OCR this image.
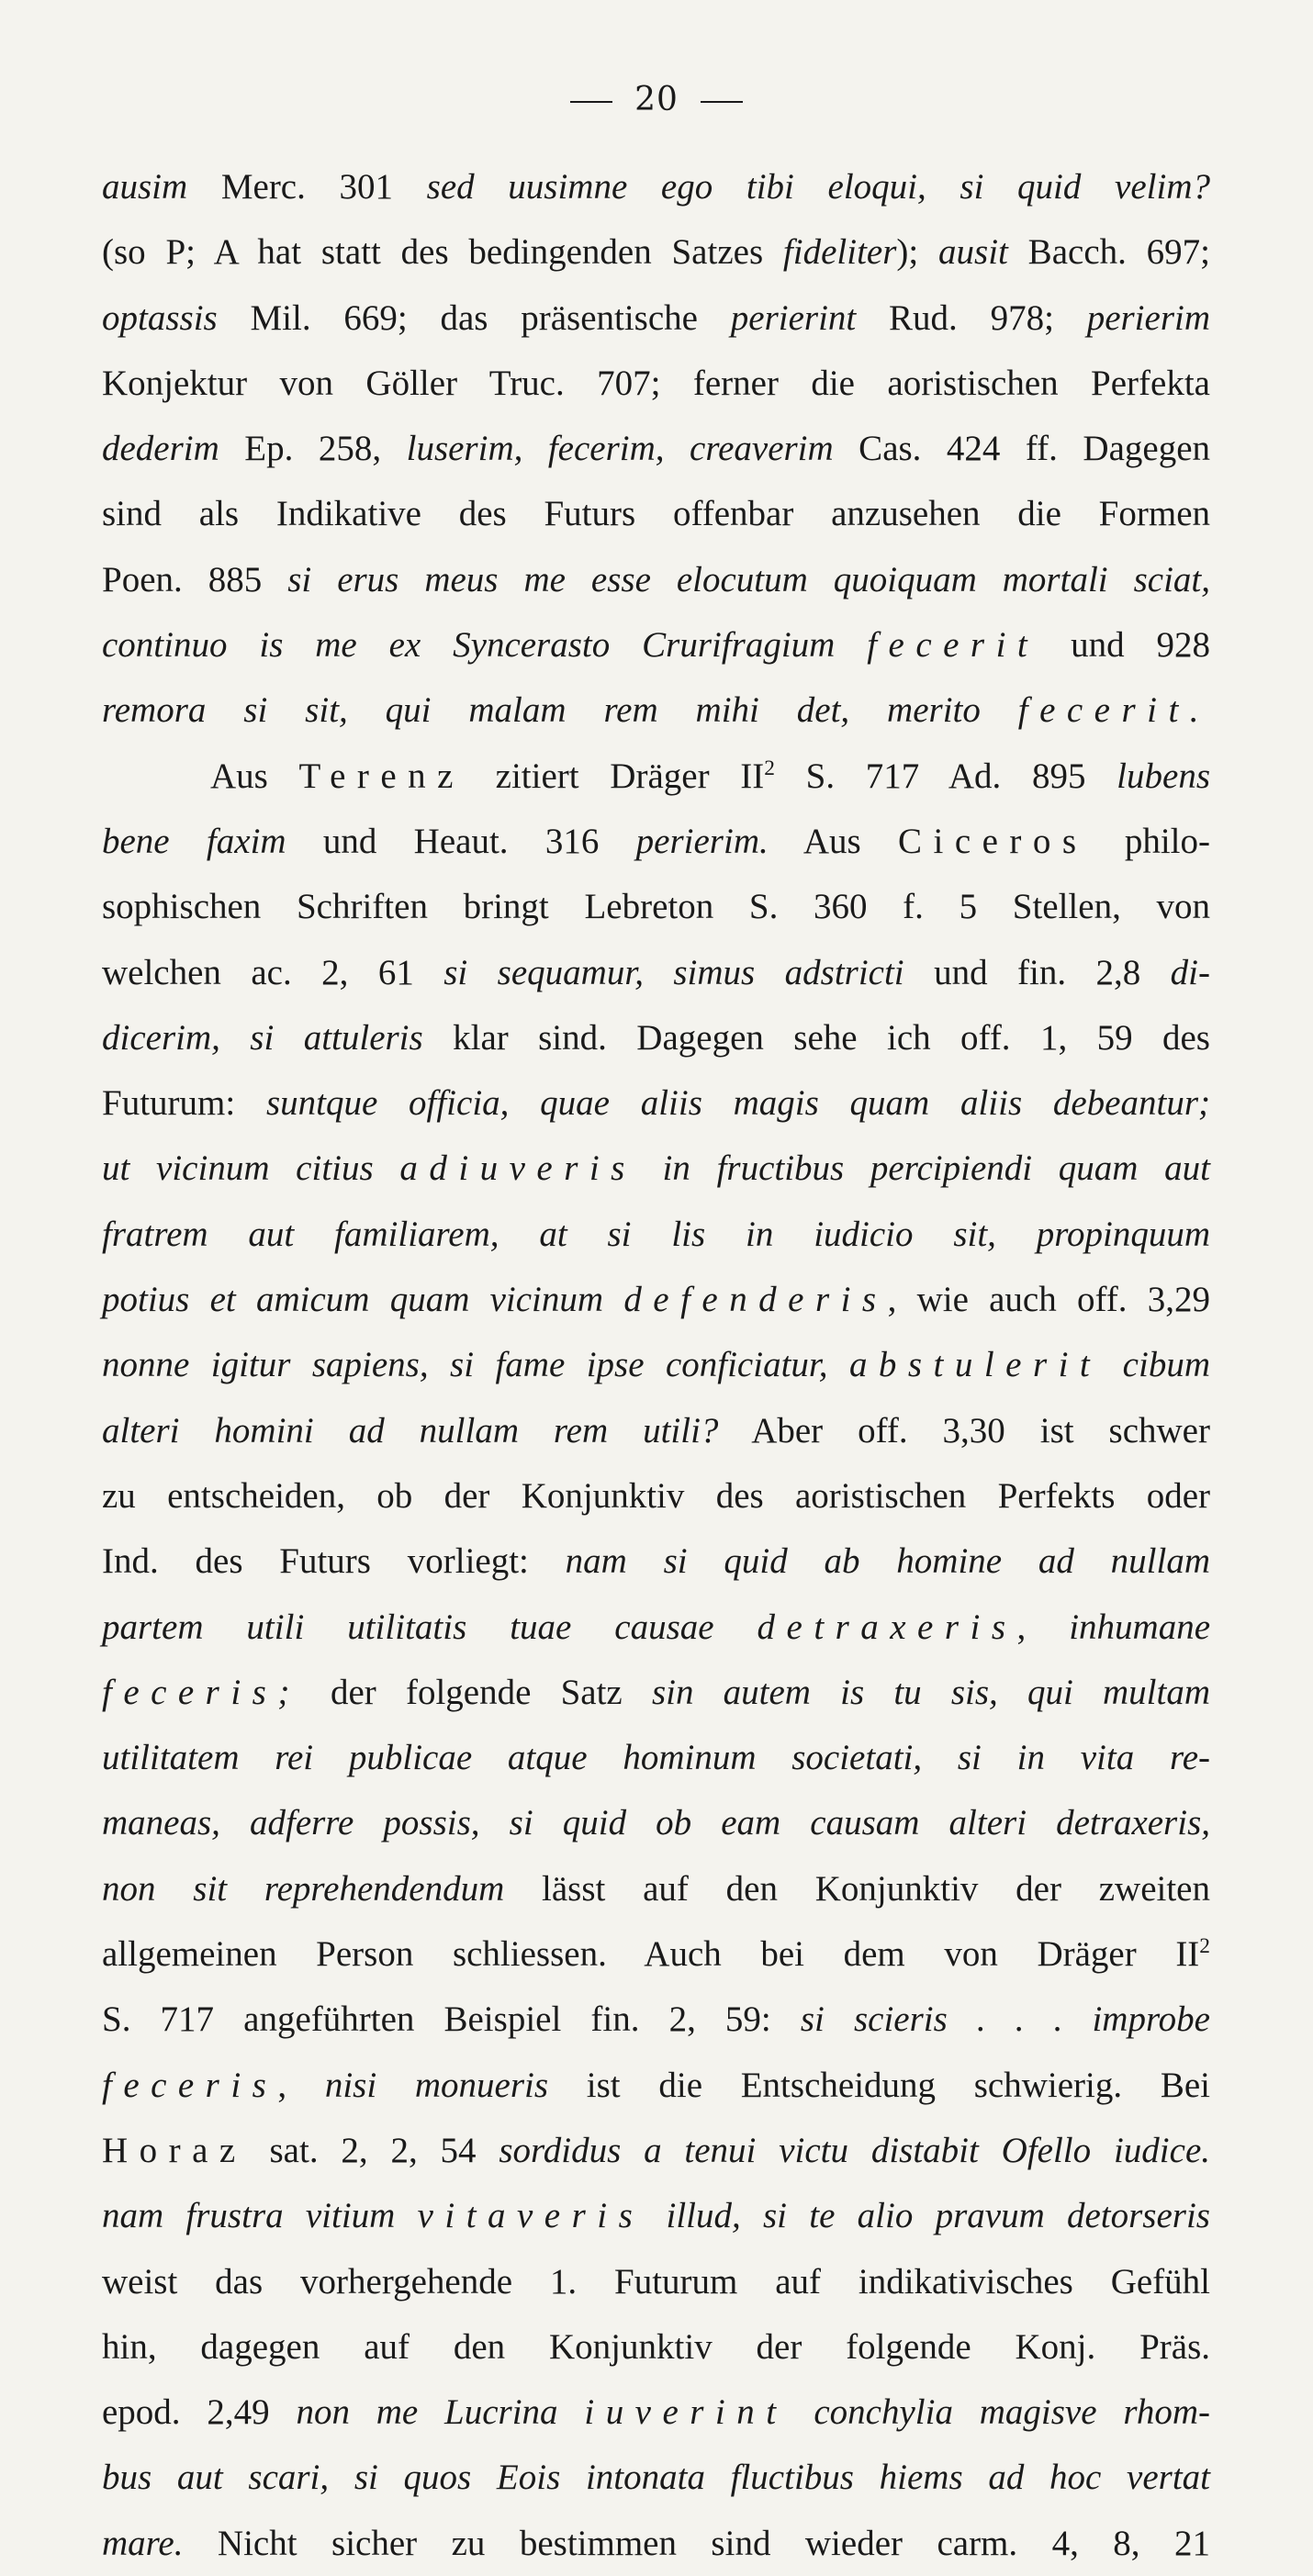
20
ausim Merc. 301 sed uusimne ego tibi eloqui, si quid velim?
(so P; A hat statt des bedingenden Satzes fideliter); ausit Bacch. 697;
optassis Mil. 669; das präsentische perierint Rud. 978; perierim
Konjektur von Göller Truc. 707; ferner die aoristischen Perfekta
dederim Ep. 258, luserim, fecerim, creaverim Cas. 424 ff. Dagegen
sind als Indikative des Futurs offenbar anzusehen die Formen
Poen. 885 si erus meus me esse elocutum quoiquam mortali sciat,
continuo is me ex Syncerasto Crurifragium fecerit und 928
remora si sit, qui malam rem mihi det, merito fecerit.
Aus Terenz zitiert Dräger $II^2$ S. 717 Ad. 895 lubens
bene faxim und Heaut. 316 perierim. Aus Ciceros philo-
sophischen Schriften bringt Lebreton S. 360 f. 5 Stellen, von
welchen ac. 2, 61 si sequamur, simus adstricti und fin. 2,8 di-
dicerim, si attuleris klar sind. Dagegen sehe ich off. 1, 59 des
Futurum: suntque officia, quae aliis magis quam aliis debeantur;
ut vicinum citius adiuveris in fructibus percipiendi quam aut
fratrem aut familiarem, at si lis in iudicio sit, propinquum
potius et amicum quam vicinum defenderis, wie auch off. 3,29
nonne igitur sapiens, si fame ipse conficiatur, abstulerit cibum
alteri homini ad nullam rem utili? Aber off. 3,30 ist schwer
zu entscheiden, ob der Konjunktiv des aoristischen Perfekts oder
Ind. des Futurs vorliegt: nam si quid ab homine ad nullam
partem utili utilitatis tuae causae detraxeris, inhumane
feceris; der folgende Satz sin autem is tu sis, qui multam
utilitatem rei publicae atque hominum societati, si in vita re-
maneas, adferre possis, si quid ob eam causam alteri detraxeris,
non sit reprehendendum lässt auf den Konjunktiv der zweiten
allgemeinen Person schliessen. Auch bei dem von Dräger $II^2$
S. 717 angeführten Beispiel fin. 2, 59: si scieris . . . improbe
feceris, nisi monueris ist die Entscheidung schwierig. Bei
Horaz sat. 2, 2, 54 sordidus a tenui victu distabit Ofello iudice.
nam frustra vitium vitaveris illud, si te alio pravum detorseris
weist das vorhergehende 1. Futurum auf indikativisches Gefühl
hin, dagegen auf den Konjunktiv der folgende Konj. Präs.
epod. 2,49 non me Lucrina iuverint conchylia magisve rhom-
bus aut scari, si quos Eois intonata fluctibus hiems ad hoc vertat
mare. Nicht sicher zu bestimmen sind wieder carm. 4, 8, 21
